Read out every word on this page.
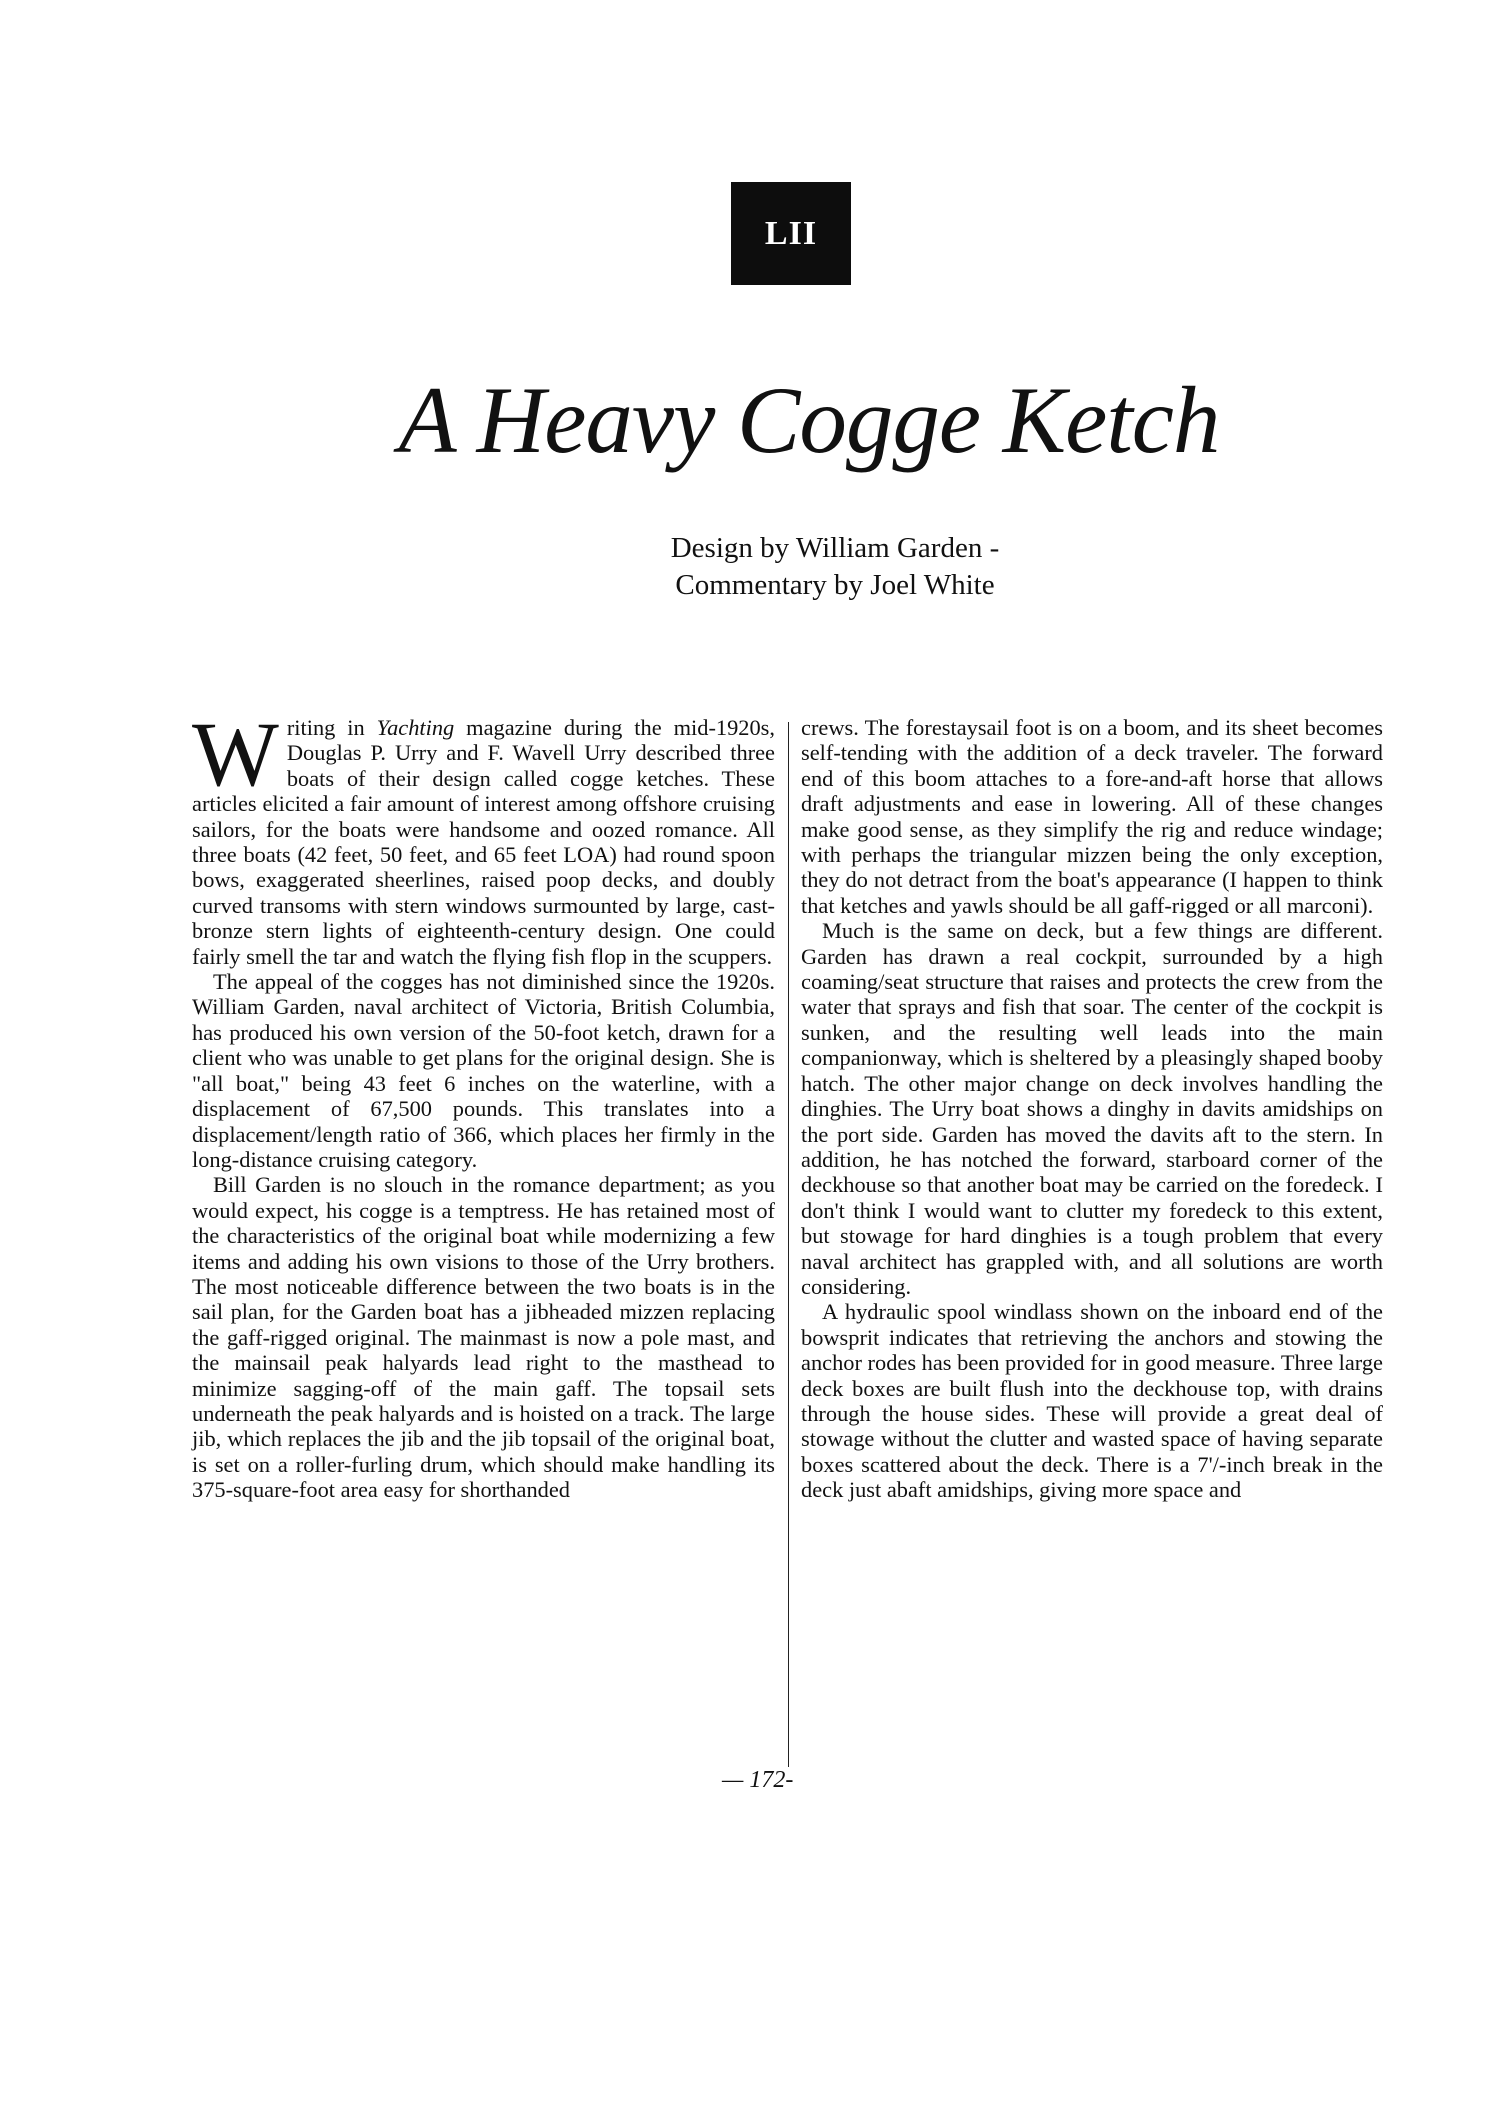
LII
A Heavy Cogge Ketch
Design by William Garden -
Commentary by Joel White

Writing in Yachting magazine during the mid-1920s, Douglas P. Urry and F. Wavell Urry described three boats of their design called cogge ketches. These articles elicited a fair amount of interest among offshore cruising sailors, for the boats were handsome and oozed romance. All three boats (42 feet, 50 feet, and 65 feet LOA) had round spoon bows, exaggerated sheerlines, raised poop decks, and doubly curved transoms with stern windows surmounted by large, cast-bronze stern lights of eighteenth-century design. One could fairly smell the tar and watch the flying fish flop in the scuppers.

The appeal of the cogges has not diminished since the 1920s. William Garden, naval architect of Victoria, British Columbia, has produced his own version of the 50-foot ketch, drawn for a client who was unable to get plans for the original design. She is "all boat," being 43 feet 6 inches on the waterline, with a displacement of 67,500 pounds. This translates into a displacement/length ratio of 366, which places her firmly in the long-distance cruising category.

Bill Garden is no slouch in the romance department; as you would expect, his cogge is a temptress. He has retained most of the characteristics of the original boat while modernizing a few items and adding his own visions to those of the Urry brothers. The most noticeable difference between the two boats is in the sail plan, for the Garden boat has a jibheaded mizzen replacing the gaff-rigged original. The mainmast is now a pole mast, and the mainsail peak halyards lead right to the masthead to minimize sagging-off of the main gaff. The topsail sets underneath the peak halyards and is hoisted on a track. The large jib, which replaces the jib and the jib topsail of the original boat, is set on a roller-furling drum, which should make handling its 375-square-foot area easy for shorthanded

crews. The forestaysail foot is on a boom, and its sheet becomes self-tending with the addition of a deck traveler. The forward end of this boom attaches to a fore-and-aft horse that allows draft adjustments and ease in lowering. All of these changes make good sense, as they simplify the rig and reduce windage; with perhaps the triangular mizzen being the only exception, they do not detract from the boat's appearance (I happen to think that ketches and yawls should be all gaff-rigged or all marconi).

Much is the same on deck, but a few things are different. Garden has drawn a real cockpit, surrounded by a high coaming/seat structure that raises and protects the crew from the water that sprays and fish that soar. The center of the cockpit is sunken, and the resulting well leads into the main companionway, which is sheltered by a pleasingly shaped booby hatch. The other major change on deck involves handling the dinghies. The Urry boat shows a dinghy in davits amidships on the port side. Garden has moved the davits aft to the stern. In addition, he has notched the forward, starboard corner of the deckhouse so that another boat may be carried on the foredeck. I don't think I would want to clutter my foredeck to this extent, but stowage for hard dinghies is a tough problem that every naval architect has grappled with, and all solutions are worth considering.

A hydraulic spool windlass shown on the inboard end of the bowsprit indicates that retrieving the anchors and stowing the anchor rodes has been provided for in good measure. Three large deck boxes are built flush into the deckhouse top, with drains through the house sides. These will provide a great deal of stowage without the clutter and wasted space of having separate boxes scattered about the deck. There is a 7'/-inch break in the deck just abaft amidships, giving more space and

— 172-
